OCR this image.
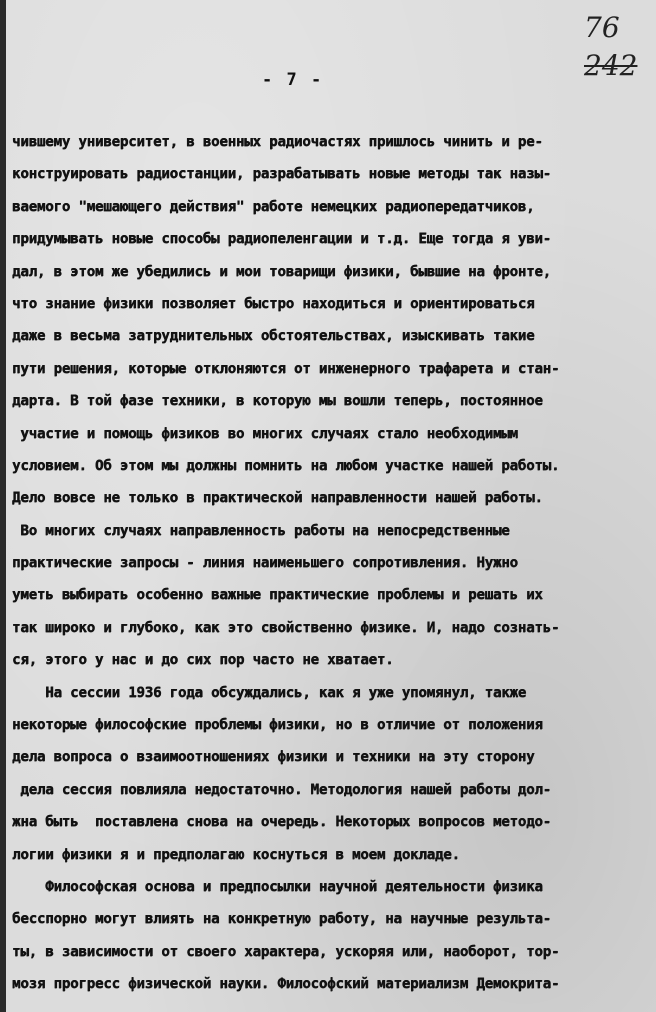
76
242
- 7 -
чившему университет, в военных радиочастях пришлось чинить и ре-
конструировать радиостанции, разрабатывать новые методы так назы-
ваемого "мешающего действия" работе немецких радиопередатчиков,
придумывать новые способы радиопеленгации и т.д. Еще тогда я уви-
дал, в этом же убедились и мои товарищи физики, бывшие на фронте,
что знание физики позволяет быстро находиться и ориентироваться
даже в весьма затруднительных обстоятельствах, изыскивать такие
пути решения, которые отклоняются от инженерного трафарета и стан-
дарта. В той фазе техники, в которую мы вошли теперь, постоянное
участие и помощь физиков во многих случаях стало необходимым
условием. Об этом мы должны помнить на любом участке нашей работы.
Дело вовсе не только в практической направленности нашей работы.
Во многих случаях направленность работы на непосредственные
практические запросы - линия наименьшего сопротивления. Нужно
уметь выбирать особенно важные практические проблемы и решать их
так широко и глубоко, как это свойственно физике. И, надо сознать-
ся, этого у нас и до сих пор часто не хватает.
На сессии 1936 года обсуждались, как я уже упомянул, также
некоторые философские проблемы физики, но в отличие от положения
дела вопроса о взаимоотношениях физики и техники на эту сторону
дела сессия повлияла недостаточно. Методология нашей работы дол-
жна быть  поставлена снова на очередь. Некоторых вопросов методо-
логии физики я и предполагаю коснуться в моем докладе.
Философская основа и предпосылки научной деятельности физика
бесспорно могут влиять на конкретную работу, на научные результа-
ты, в зависимости от своего характера, ускоряя или, наоборот, тор-
мозя прогресс физической науки. Философский материализм Демокрита-
